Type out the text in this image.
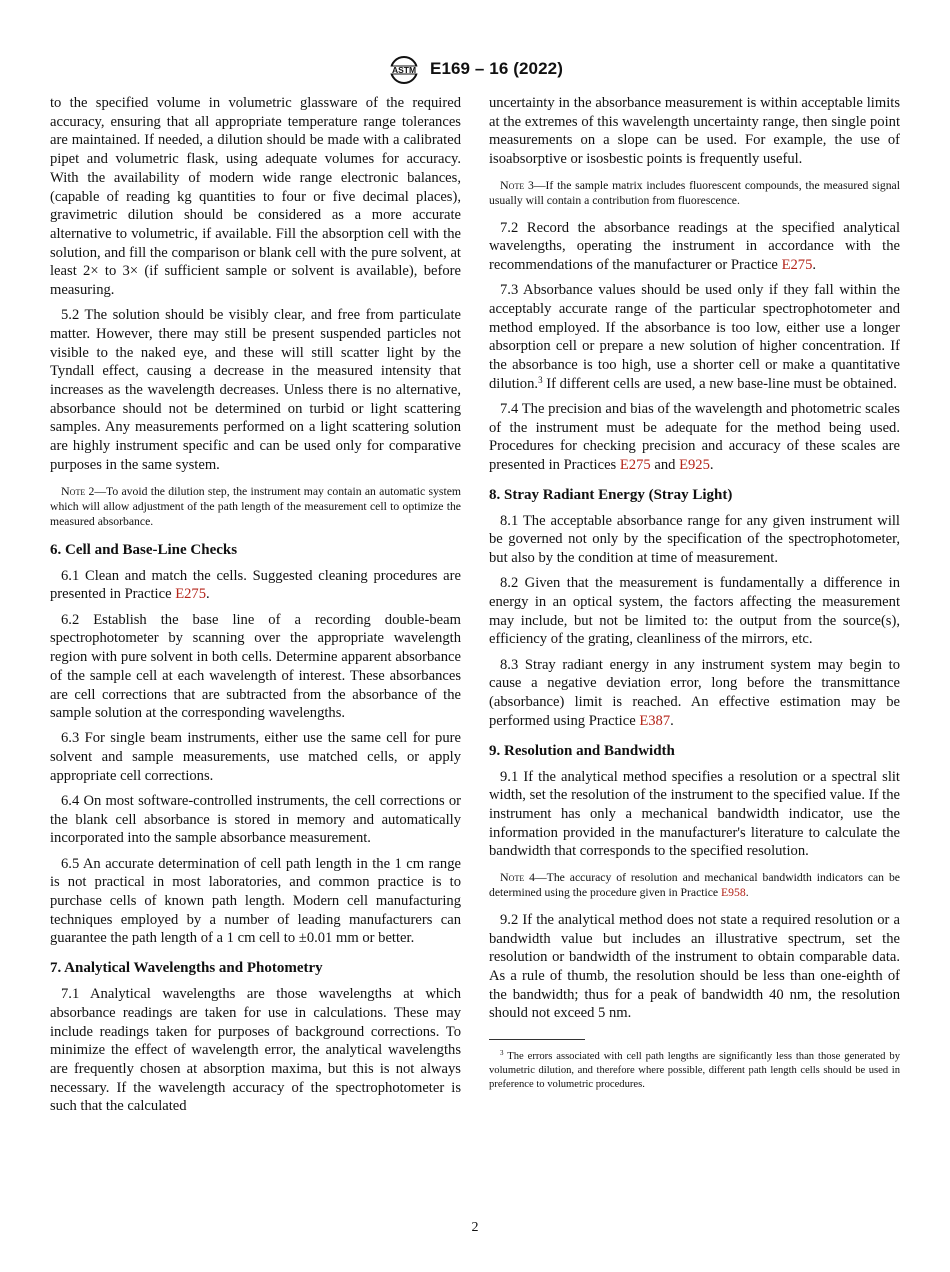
ASTM E169 – 16 (2022)

to the specified volume in volumetric glassware of the required accuracy, ensuring that all appropriate temperature range tolerances are maintained. If needed, a dilution should be made with a calibrated pipet and volumetric flask, using adequate volumes for accuracy. With the availability of modern wide range electronic balances, (capable of reading kg quantities to four or five decimal places), gravimetric dilution should be considered as a more accurate alternative to volumetric, if available. Fill the absorption cell with the solution, and fill the comparison or blank cell with the pure solvent, at least 2× to 3× (if sufficient sample or solvent is available), before measuring.

5.2 The solution should be visibly clear, and free from particulate matter. However, there may still be present suspended particles not visible to the naked eye, and these will still scatter light by the Tyndall effect, causing a decrease in the measured intensity that increases as the wavelength decreases. Unless there is no alternative, absorbance should not be determined on turbid or light scattering samples. Any measurements performed on a light scattering solution are highly instrument specific and can be used only for comparative purposes in the same system.

Note 2—To avoid the dilution step, the instrument may contain an automatic system which will allow adjustment of the path length of the measurement cell to optimize the measured absorbance.

6. Cell and Base-Line Checks

6.1 Clean and match the cells. Suggested cleaning procedures are presented in Practice E275.

6.2 Establish the base line of a recording double-beam spectrophotometer by scanning over the appropriate wavelength region with pure solvent in both cells. Determine apparent absorbance of the sample cell at each wavelength of interest. These absorbances are cell corrections that are subtracted from the absorbance of the sample solution at the corresponding wavelengths.

6.3 For single beam instruments, either use the same cell for pure solvent and sample measurements, use matched cells, or apply appropriate cell corrections.

6.4 On most software-controlled instruments, the cell corrections or the blank cell absorbance is stored in memory and automatically incorporated into the sample absorbance measurement.

6.5 An accurate determination of cell path length in the 1 cm range is not practical in most laboratories, and common practice is to purchase cells of known path length. Modern cell manufacturing techniques employed by a number of leading manufacturers can guarantee the path length of a 1 cm cell to ±0.01 mm or better.

7. Analytical Wavelengths and Photometry

7.1 Analytical wavelengths are those wavelengths at which absorbance readings are taken for use in calculations. These may include readings taken for purposes of background corrections. To minimize the effect of wavelength error, the analytical wavelengths are frequently chosen at absorption maxima, but this is not always necessary. If the wavelength accuracy of the spectrophotometer is such that the calculated

uncertainty in the absorbance measurement is within acceptable limits at the extremes of this wavelength uncertainty range, then single point measurements on a slope can be used. For example, the use of isoabsorptive or isosbestic points is frequently useful.

Note 3—If the sample matrix includes fluorescent compounds, the measured signal usually will contain a contribution from fluorescence.

7.2 Record the absorbance readings at the specified analytical wavelengths, operating the instrument in accordance with the recommendations of the manufacturer or Practice E275.

7.3 Absorbance values should be used only if they fall within the acceptably accurate range of the particular spectrophotometer and method employed. If the absorbance is too low, either use a longer absorption cell or prepare a new solution of higher concentration. If the absorbance is too high, use a shorter cell or make a quantitative dilution.$^3$ If different cells are used, a new base-line must be obtained.

7.4 The precision and bias of the wavelength and photometric scales of the instrument must be adequate for the method being used. Procedures for checking precision and accuracy of these scales are presented in Practices E275 and E925.

8. Stray Radiant Energy (Stray Light)

8.1 The acceptable absorbance range for any given instrument will be governed not only by the specification of the spectrophotometer, but also by the condition at time of measurement.

8.2 Given that the measurement is fundamentally a difference in energy in an optical system, the factors affecting the measurement may include, but not be limited to: the output from the source(s), efficiency of the grating, cleanliness of the mirrors, etc.

8.3 Stray radiant energy in any instrument system may begin to cause a negative deviation error, long before the transmittance (absorbance) limit is reached. An effective estimation may be performed using Practice E387.

9. Resolution and Bandwidth

9.1 If the analytical method specifies a resolution or a spectral slit width, set the resolution of the instrument to the specified value. If the instrument has only a mechanical bandwidth indicator, use the information provided in the manufacturer's literature to calculate the bandwidth that corresponds to the specified resolution.

Note 4—The accuracy of resolution and mechanical bandwidth indicators can be determined using the procedure given in Practice E958.

9.2 If the analytical method does not state a required resolution or a bandwidth value but includes an illustrative spectrum, set the resolution or bandwidth of the instrument to obtain comparable data. As a rule of thumb, the resolution should be less than one-eighth of the bandwidth; thus for a peak of bandwidth 40 nm, the resolution should not exceed 5 nm.

$^3$ The errors associated with cell path lengths are significantly less than those generated by volumetric dilution, and therefore where possible, different path length cells should be used in preference to volumetric procedures.

2
